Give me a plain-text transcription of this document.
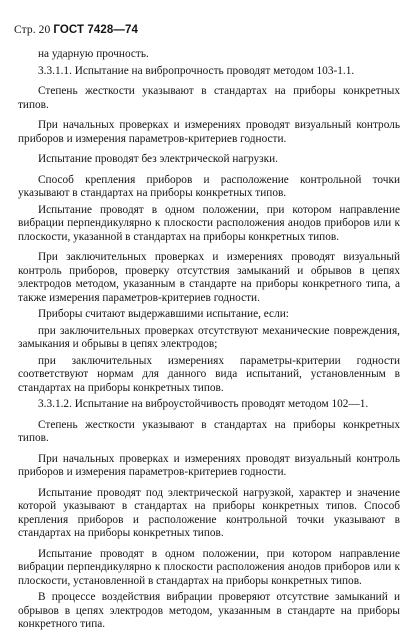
Стр. 20 ГОСТ 7428—74

на ударную прочность.

3.3.1.1. Испытание на вибропрочность проводят методом 103-1.1.

Степень жесткости указывают в стандартах на приборы конкретных типов.

При начальных проверках и измерениях проводят визуальный контроль приборов и измерения параметров-критериев годности.

Испытание проводят без электрической нагрузки.

Способ крепления приборов и расположение контрольной точки указывают в стандартах на приборы конкретных типов.

Испытание проводят в одном положении, при котором направление вибрации перпендикулярно к плоскости расположения анодов приборов или к плоскости, указанной в стандартах на приборы конкретных типов.

При заключительных проверках и измерениях проводят визуальный контроль приборов, проверку отсутствия замыканий и обрывов в цепях электродов методом, указанным в стандарте на приборы конкретного типа, а также измерения параметров-критериев годности.

Приборы считают выдержавшими испытание, если:

при заключительных проверках отсутствуют механические повреждения, замыкания и обрывы в цепях электродов;

при заключительных измерениях параметры-критерии годности соответствуют нормам для данного вида испытаний, установленным в стандартах на приборы конкретных типов.

3.3.1.2. Испытание на виброустойчивость проводят методом 102—1.

Степень жесткости указывают в стандартах на приборы конкретных типов.

При начальных проверках и измерениях проводят визуальный контроль приборов и измерения параметров-критериев годности.

Испытание проводят под электрической нагрузкой, характер и значение которой указывают в стандартах на приборы конкретных типов. Способ крепления приборов и расположение контрольной точки указывают в стандартах на приборы конкретных типов.

Испытание проводят в одном положении, при котором направление вибрации перпендикулярно к плоскости расположения анодов приборов или к плоскости, установленной в стандартах на приборы конкретных типов.

В процессе воздействия вибрации проверяют отсутствие замыканий и обрывов в цепях электродов методом, указанным в стандарте на приборы конкретного типа.
